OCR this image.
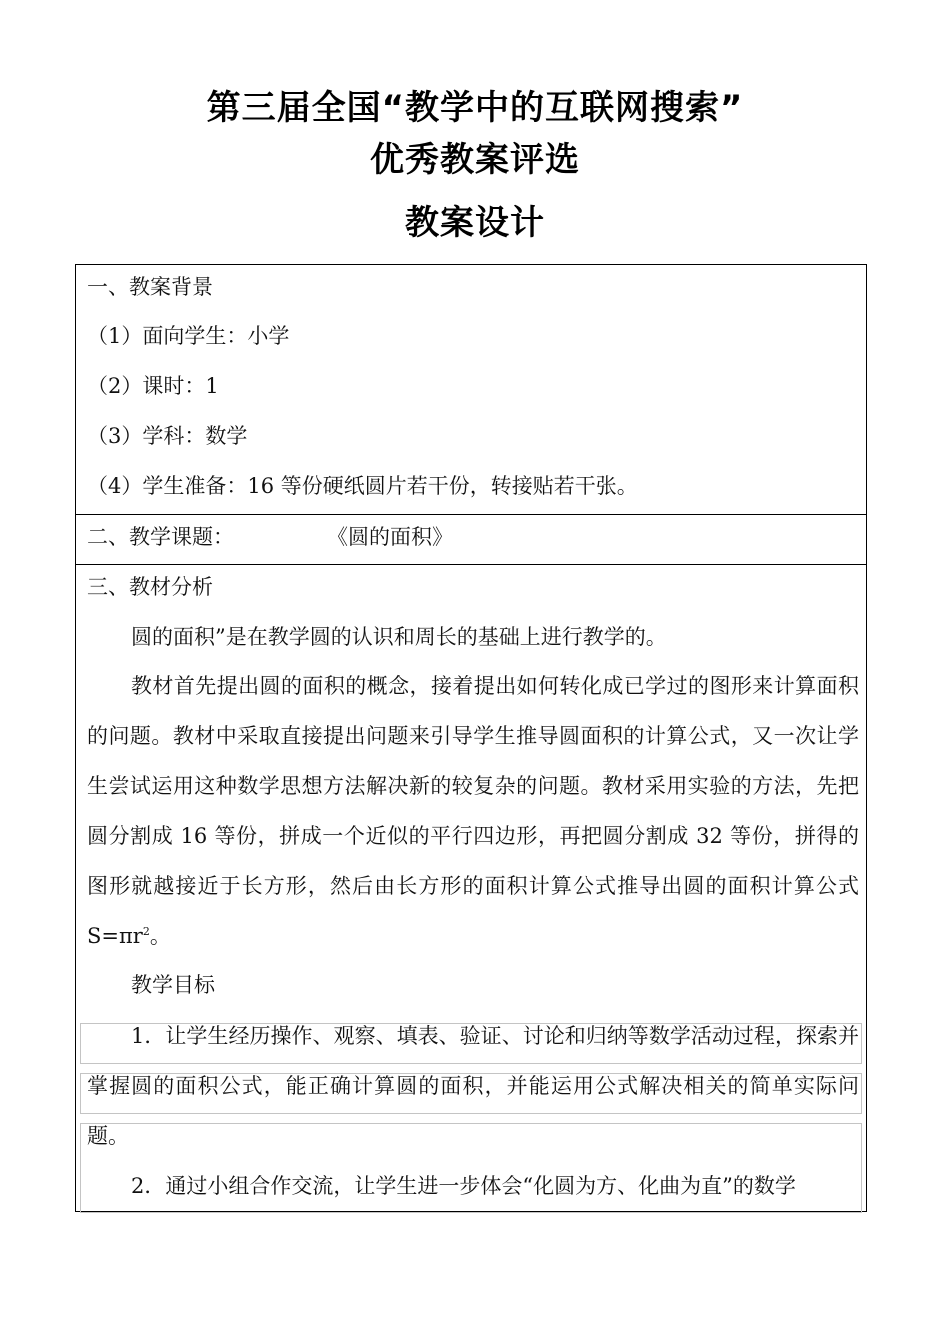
第三届全国“教学中的互联网搜索”
优秀教案评选
教案设计
一、教案背景
（1）面向学生：小学
（2）课时：1
（3）学科：数学
（4）学生准备：16 等份硬纸圆片若干份，转接贴若干张。
二、教学课题：	《圆的面积》
三、教材分析
圆的面积”是在教学圆的认识和周长的基础上进行教学的。
教材首先提出圆的面积的概念，接着提出如何转化成已学过的图形来计算面积的问题。教材中采取直接提出问题来引导学生推导圆面积的计算公式，又一次让学生尝试运用这种数学思想方法解决新的较复杂的问题。教材采用实验的方法，先把圆分割成 16 等份，拼成一个近似的平行四边形，再把圆分割成 32 等份，拼得的图形就越接近于长方形，然后由长方形的面积计算公式推导出圆的面积计算公式 $S=\pi r^2$。
教学目标
1．让学生经历操作、观察、填表、验证、讨论和归纳等数学活动过程，探索并掌握圆的面积公式，能正确计算圆的面积，并能运用公式解决相关的简单实际问题。
2．通过小组合作交流，让学生进一步体会“化圆为方、化曲为直”的数学
